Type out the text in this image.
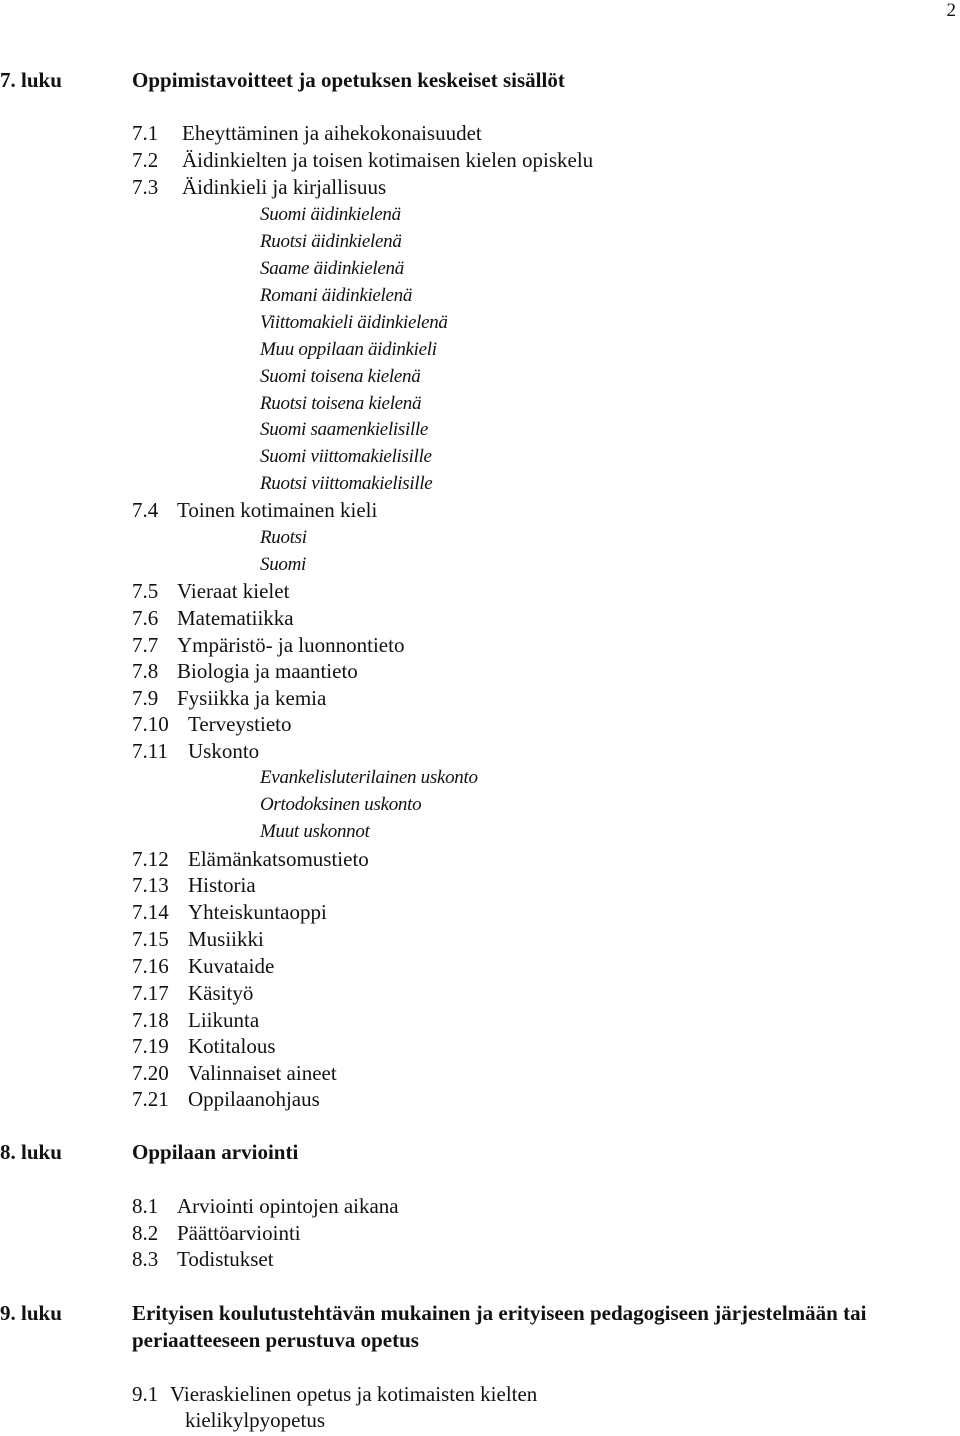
2
7. luku	Oppimistavoitteet ja opetuksen keskeiset sisällöt
7.1 Eheyttäminen ja aihekokonaisuudet
7.2 Äidinkielten ja toisen kotimaisen kielen opiskelu
7.3 Äidinkieli ja kirjallisuus
Suomi äidinkielenä
Ruotsi äidinkielenä
Saame äidinkielenä
Romani äidinkielenä
Viittomakieli äidinkielenä
Muu oppilaan äidinkieli
Suomi toisena kielenä
Ruotsi toisena kielenä
Suomi saamenkielisille
Suomi viittomakielisille
Ruotsi viittomakielisille
7.4 Toinen kotimainen kieli
Ruotsi
Suomi
7.5 Vieraat kielet
7.6 Matematiikka
7.7 Ympäristö- ja luonnontieto
7.8 Biologia ja maantieto
7.9 Fysiikka ja kemia
7.10 Terveystieto
7.11 Uskonto
Evankelisluterilainen uskonto
Ortodoksinen uskonto
Muut uskonnot
7.12 Elämänkatsomustieto
7.13 Historia
7.14 Yhteiskuntaoppi
7.15 Musiikki
7.16 Kuvataide
7.17 Käsityö
7.18 Liikunta
7.19 Kotitalous
7.20 Valinnaiset aineet
7.21 Oppilaanohjaus
8. luku	Oppilaan arviointi
8.1 Arviointi opintojen aikana
8.2 Päättöarviointi
8.3 Todistukset
9. luku	Erityisen koulutustehtävän mukainen ja erityiseen pedagogiseen järjestelmään tai
periaatteeseen perustuva opetus
9.1 Vieraskielinen opetus ja kotimaisten kielten
kielikylpyopetus
